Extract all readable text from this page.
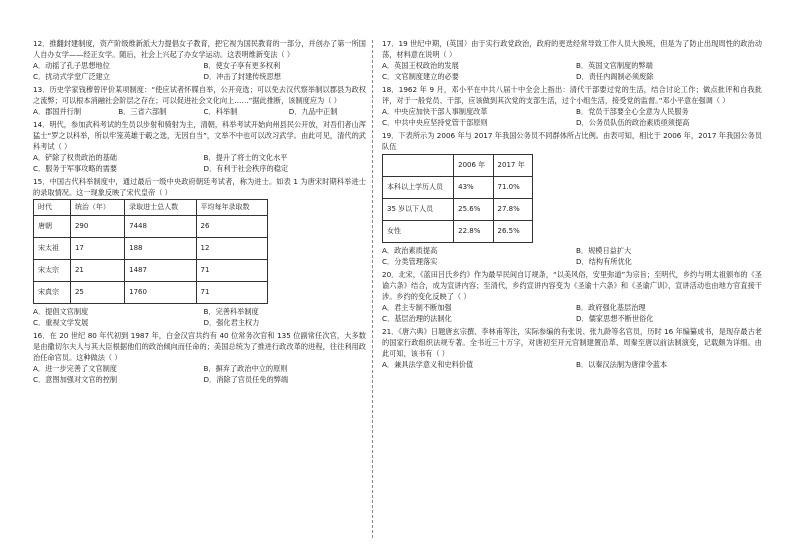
12．推翻封建制度，资产阶级维新派大力提倡女子教育，把它视为国民教育的一部分，并创办了第一所国人自办女学——经正女学。随后，社会上兴起了办女学运动。这表明维新变法（ ）

A．动摇了孔子思想地位	B．使女子享有更多权利
C．扰动式学堂广泛建立	D．冲击了封建传统思想

13．历史学家钱穆曾评价某项制度：“使应试者怀牒自举，公开竞选；可以免去汉代察举制以郡县为政权之流弊；可以根本消融社会阶层之存在；可以促进社会文化向上……”据此推断，该制度应为（ ）

A．郡国并行制	B．三省六部制	C．科举制	D．九品中正制

14．明代，参加武科考试的生员以步射和骑射为主，清朝，科举考试开始向州县民公开放，对吾们者山浑猛士“罗之以科举，所以牢笼英雄于毂之选，无因自当”，文举不中也可以改习武学。由此可见，清代的武科考试（ ）

A．铲除了权贵政治的基础	B．提升了将士的文化水平
C．服务于军事攻略的需要	D．有利于社会秩序的稳定

15．中国古代科举制度中，通过最后一级中央政府朝廷考试者，称为进士。如表 1 为唐宋时期科举进士的录取情况。这一现象反映了宋代皇帝（ ）

时代	统治（年）	录取进士总人数	平均每年录取数
唐朝	290	7448	26
宋太祖	17	188	12
宋太宗	21	1487	71
宋真宗	25	1760	71
A．提倡文官制度	B．完善科举制度
C．重视文学发展	D．强化君主权力

16．在 20 世纪 80 年代初到 1987 年，白金汉宫共约有 40 位常务次官和 135 位副常任次官，大多数是由撒切尔夫人与其大臣根据他们的政治倾向而任命的；美国总统为了推进行政改革的进程，往往利用政治任命官员。这种做法（ ）

A．进一步完善了文官制度	B．摒弃了政治中立的原则
C．意图加强对文官的控制	D．消除了官员任免的弊端

17．19 世纪中期，(英国）由于实行政党政治，政府的更迭经常导致工作人员大换班，但是为了防止出现周性的政治动荡，材料意在说明（ ）

A．英国王权政治的发展	B．英国文官制度的弊端
C．文官制度建立的必要	D．责任内阁制必须废除

18．1962 年 9 月，邓小平在中共八届十中全会上指出：清代干部要过党的生活，结合讨论工作；做点批评和自我批评，对于一般党员、干部，应该做到其次党的支部生活，过个小组生活，接受党的监督。”邓小平意在强调（ ）

A．中央应加快干部人事制度改革	B．党员干部要全心全意为人民服务
C．中共中央应坚持党管干部原则	D．公务员队伍的政治素质亟须提高

19．下表所示为 2006 年与 2017 年我国公务员不同群体所占比例。由表可知，相比于 2006 年，2017 年我国公务员队伍

	2006 年	2017 年
本科以上学历人员	43%	71.0%
35 岁以下人员	25.6%	27.8%
女性	22.8%	26.5%
A．政治素质提高	B．规模日益扩大
C．分类管理落实	D．结构有所优化

20．北宋，《蓝田吕氏乡约》作为最早民间自订规条，“以美风俗，安里弥道”为宗旨；至明代，乡约与明太祖颁布的《圣谕六条》结合，成为宣讲内容；至清代，乡约宣讲内容变为《圣谕十六条》和《圣谕广训》，宣讲活动也由地方官直接干涉。乡约的变化反映了（ ）

A．君主专制不断加强	B．政府强化基层治理
C．基层治理的法制化	D．儒家思想不断世俗化

21．《唐六典》日题唐玄宗撰、李林甫等注，实际参编的有张说、张九龄等名官员，历时 16 年编纂成书，是现存最古老的国家行政组织法规专著。全书近三十万字，对唐初至开元官制建置沿革、周秦至唐以前法制演变，记载颇为详细。由此可知，该书有（ ）

A．兼具法学意义和史料价值	B．以秦汉法制为唐律令蓝本
